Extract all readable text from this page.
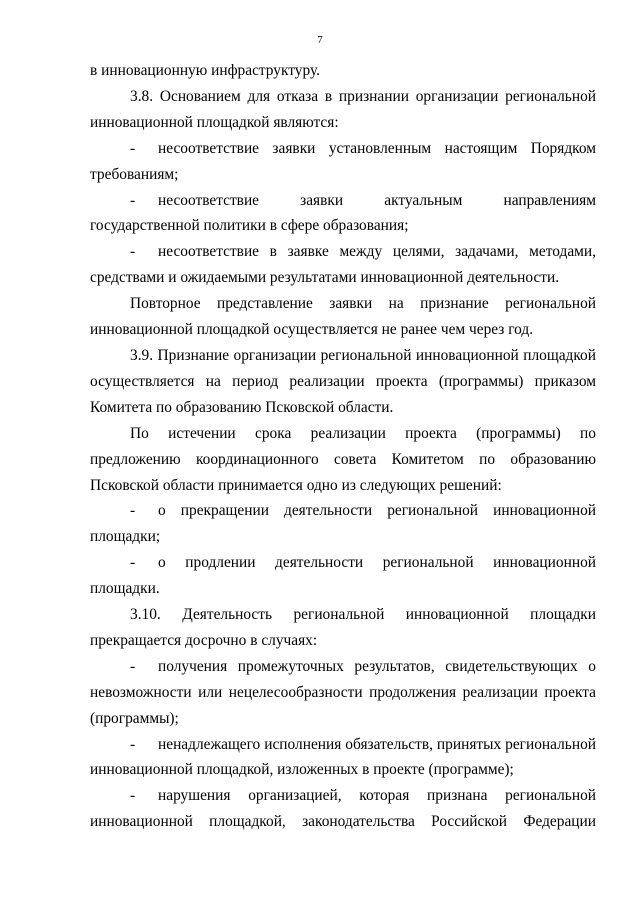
7

в инновационную инфраструктуру.

3.8. Основанием для отказа в признании организации региональной инновационной площадкой являются:

- несоответствие заявки установленным настоящим Порядком требованиям;

- несоответствие заявки актуальным направлениям государственной политики в сфере образования;

- несоответствие в заявке между целями, задачами, методами, средствами и ожидаемыми результатами инновационной деятельности.

Повторное представление заявки на признание региональной инновационной площадкой осуществляется не ранее чем через год.

3.9. Признание организации региональной инновационной площадкой осуществляется на период реализации проекта (программы) приказом Комитета по образованию Псковской области.

По истечении срока реализации проекта (программы) по предложению координационного совета Комитетом по образованию Псковской области принимается одно из следующих решений:

- о прекращении деятельности региональной инновационной площадки;

- о продлении деятельности региональной инновационной площадки.

3.10. Деятельность региональной инновационной площадки прекращается досрочно в случаях:

- получения промежуточных результатов, свидетельствующих о невозможности или нецелесообразности продолжения реализации проекта (программы);

- ненадлежащего исполнения обязательств, принятых региональной инновационной площадкой, изложенных в проекте (программе);

- нарушения организацией, которая признана региональной инновационной площадкой, законодательства Российской Федерации
